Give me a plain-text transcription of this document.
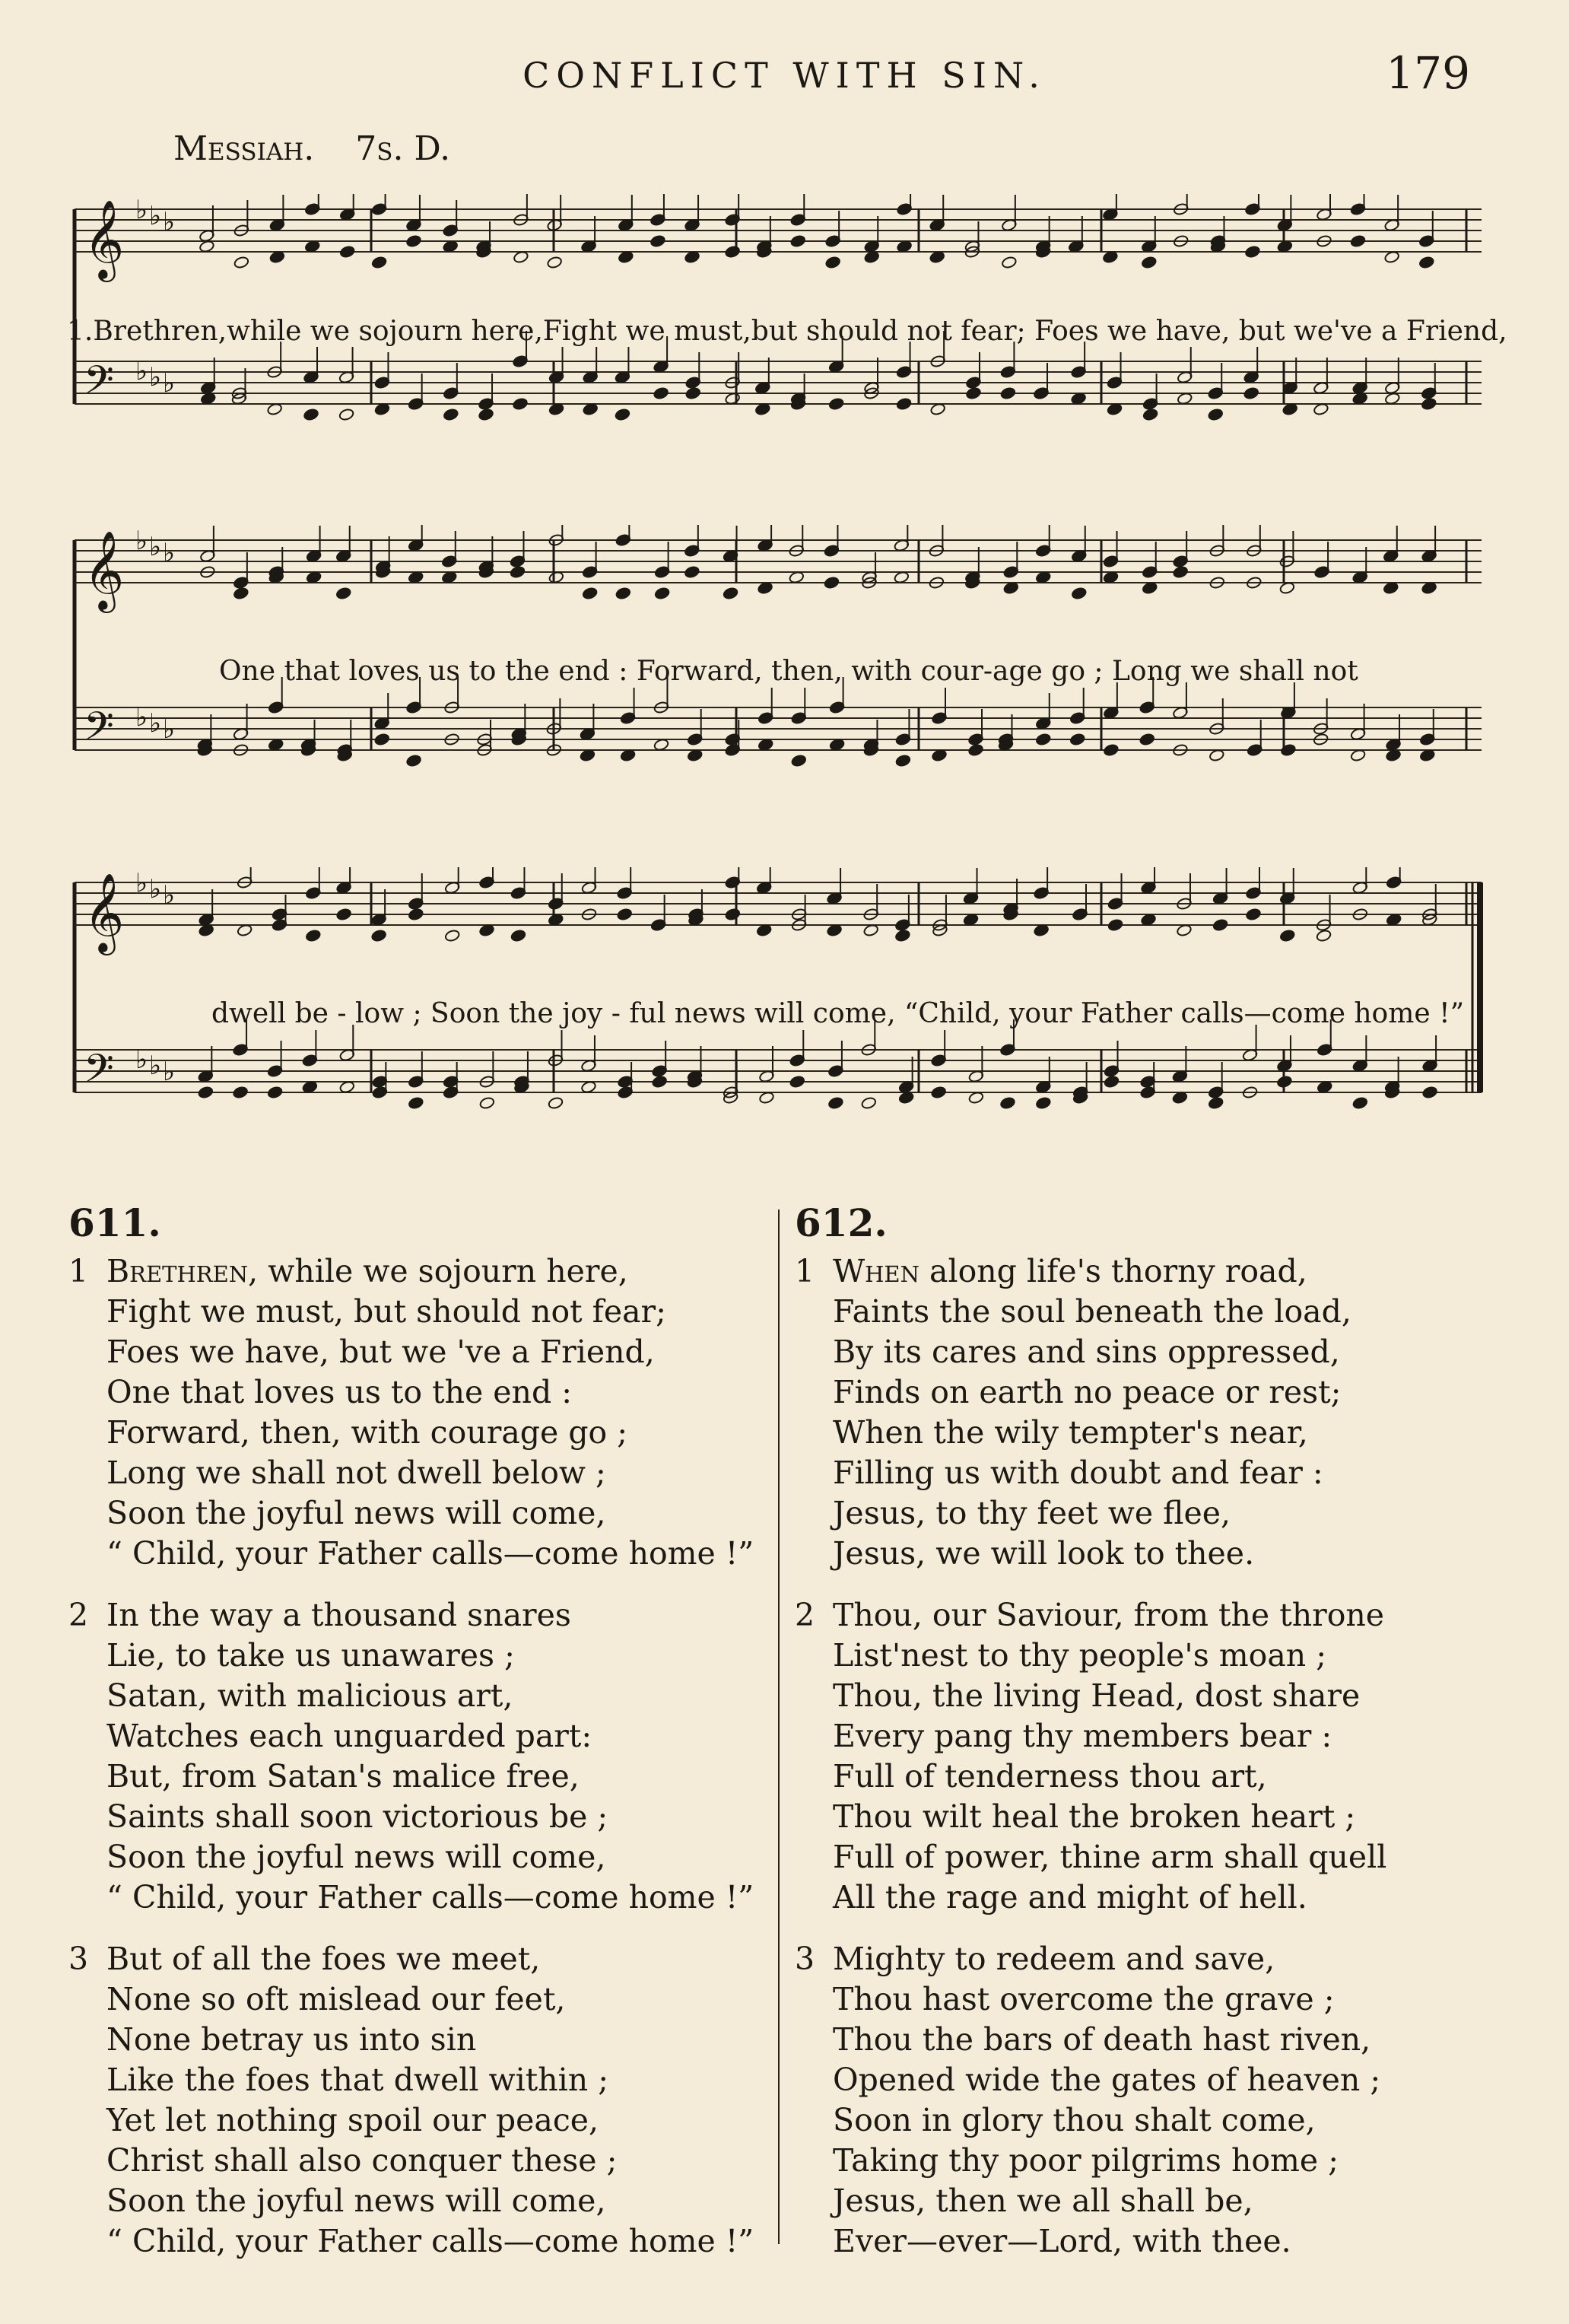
CONFLICT WITH SIN.	179
Messiah. 7s. D.
𝄞 ♭ ♭ ♭
𝄢 ♭ ♭ ♭
1.Brethren,while we sojourn here,Fight we must,but should not fear; Foes we have, but we've a Friend,
𝄞 ♭ ♭ ♭
𝄢 ♭ ♭ ♭
One that loves us to the end : Forward, then, with cour-age go ; Long we shall not
𝄞 ♭ ♭ ♭
𝄢 ♭ ♭ ♭
dwell be - low ; Soon the joy - ful news will come, “Child, your Father calls—come home !”
611.
1 Brethren, while we sojourn here,
Fight we must, but should not fear;
Foes we have, but we 've a Friend,
One that loves us to the end :
Forward, then, with courage go ;
Long we shall not dwell below ;
Soon the joyful news will come,
“ Child, your Father calls—come home !”
2 In the way a thousand snares
Lie, to take us unawares ;
Satan, with malicious art,
Watches each unguarded part:
But, from Satan's malice free,
Saints shall soon victorious be ;
Soon the joyful news will come,
“ Child, your Father calls—come home !”
3 But of all the foes we meet,
None so oft mislead our feet,
None betray us into sin
Like the foes that dwell within ;
Yet let nothing spoil our peace,
Christ shall also conquer these ;
Soon the joyful news will come,
“ Child, your Father calls—come home !”
612.
1 When along life's thorny road,
Faints the soul beneath the load,
By its cares and sins oppressed,
Finds on earth no peace or rest;
When the wily tempter's near,
Filling us with doubt and fear :
Jesus, to thy feet we flee,
Jesus, we will look to thee.
2 Thou, our Saviour, from the throne
List'nest to thy people's moan ;
Thou, the living Head, dost share
Every pang thy members bear :
Full of tenderness thou art,
Thou wilt heal the broken heart ;
Full of power, thine arm shall quell
All the rage and might of hell.
3 Mighty to redeem and save,
Thou hast overcome the grave ;
Thou the bars of death hast riven,
Opened wide the gates of heaven ;
Soon in glory thou shalt come,
Taking thy poor pilgrims home ;
Jesus, then we all shall be,
Ever—ever—Lord, with thee.
